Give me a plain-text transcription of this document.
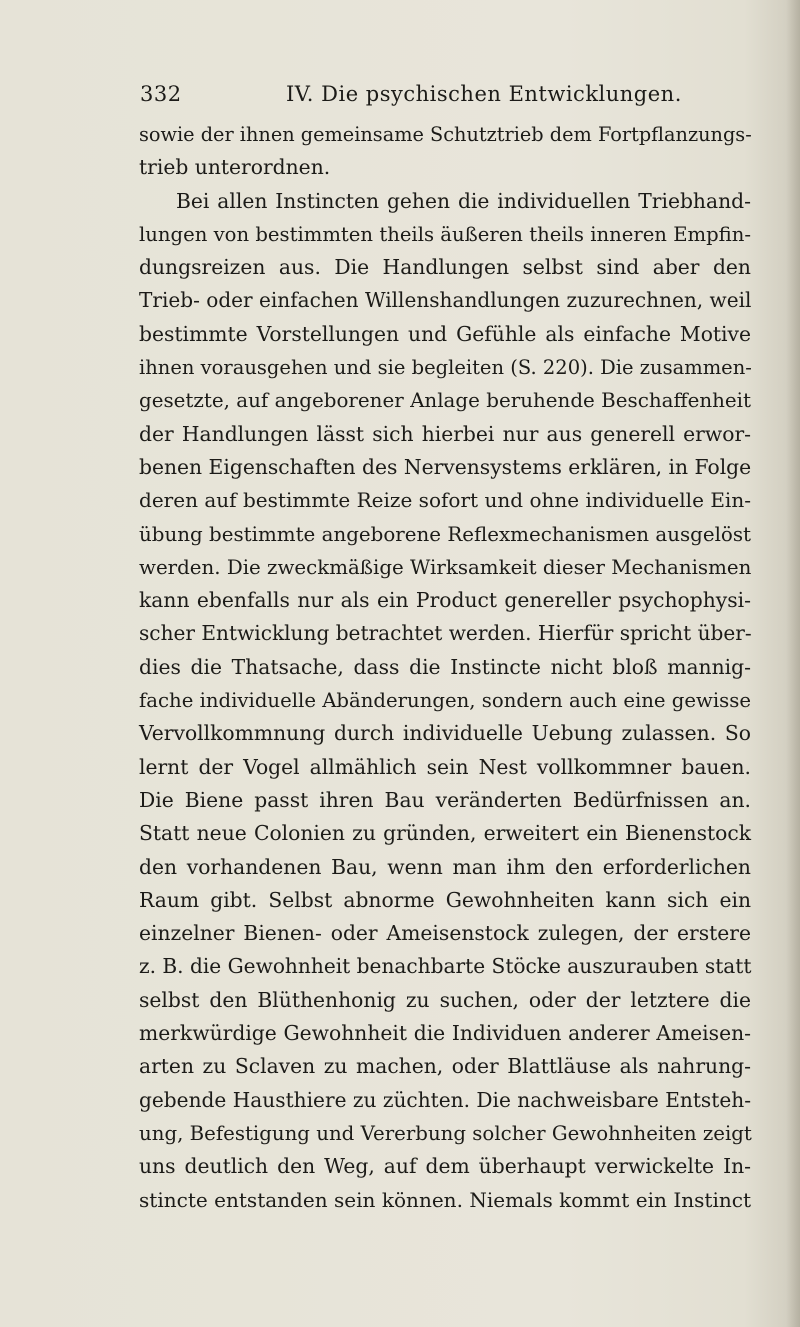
332	IV. Die psychischen Entwicklungen.
sowie der ihnen gemeinsame Schutztrieb dem Fortpflanzungs-
trieb unterordnen.
Bei allen Instincten gehen die individuellen Triebhand-
lungen von bestimmten theils äußeren theils inneren Empfin-
dungsreizen aus. Die Handlungen selbst sind aber den
Trieb- oder einfachen Willenshandlungen zuzurechnen, weil
bestimmte Vorstellungen und Gefühle als einfache Motive
ihnen vorausgehen und sie begleiten (S. 220). Die zusammen-
gesetzte, auf angeborener Anlage beruhende Beschaffenheit
der Handlungen lässt sich hierbei nur aus generell erwor-
benen Eigenschaften des Nervensystems erklären, in Folge
deren auf bestimmte Reize sofort und ohne individuelle Ein-
übung bestimmte angeborene Reflexmechanismen ausgelöst
werden. Die zweckmäßige Wirksamkeit dieser Mechanismen
kann ebenfalls nur als ein Product genereller psychophysi-
scher Entwicklung betrachtet werden. Hierfür spricht über-
dies die Thatsache, dass die Instincte nicht bloß mannig-
fache individuelle Abänderungen, sondern auch eine gewisse
Vervollkommnung durch individuelle Uebung zulassen. So
lernt der Vogel allmählich sein Nest vollkommner bauen.
Die Biene passt ihren Bau veränderten Bedürfnissen an.
Statt neue Colonien zu gründen, erweitert ein Bienenstock
den vorhandenen Bau, wenn man ihm den erforderlichen
Raum gibt. Selbst abnorme Gewohnheiten kann sich ein
einzelner Bienen- oder Ameisenstock zulegen, der erstere
z. B. die Gewohnheit benachbarte Stöcke auszurauben statt
selbst den Blüthenhonig zu suchen, oder der letztere die
merkwürdige Gewohnheit die Individuen anderer Ameisen-
arten zu Sclaven zu machen, oder Blattläuse als nahrung-
gebende Hausthiere zu züchten. Die nachweisbare Entsteh-
ung, Befestigung und Vererbung solcher Gewohnheiten zeigt
uns deutlich den Weg, auf dem überhaupt verwickelte In-
stincte entstanden sein können. Niemals kommt ein Instinct
